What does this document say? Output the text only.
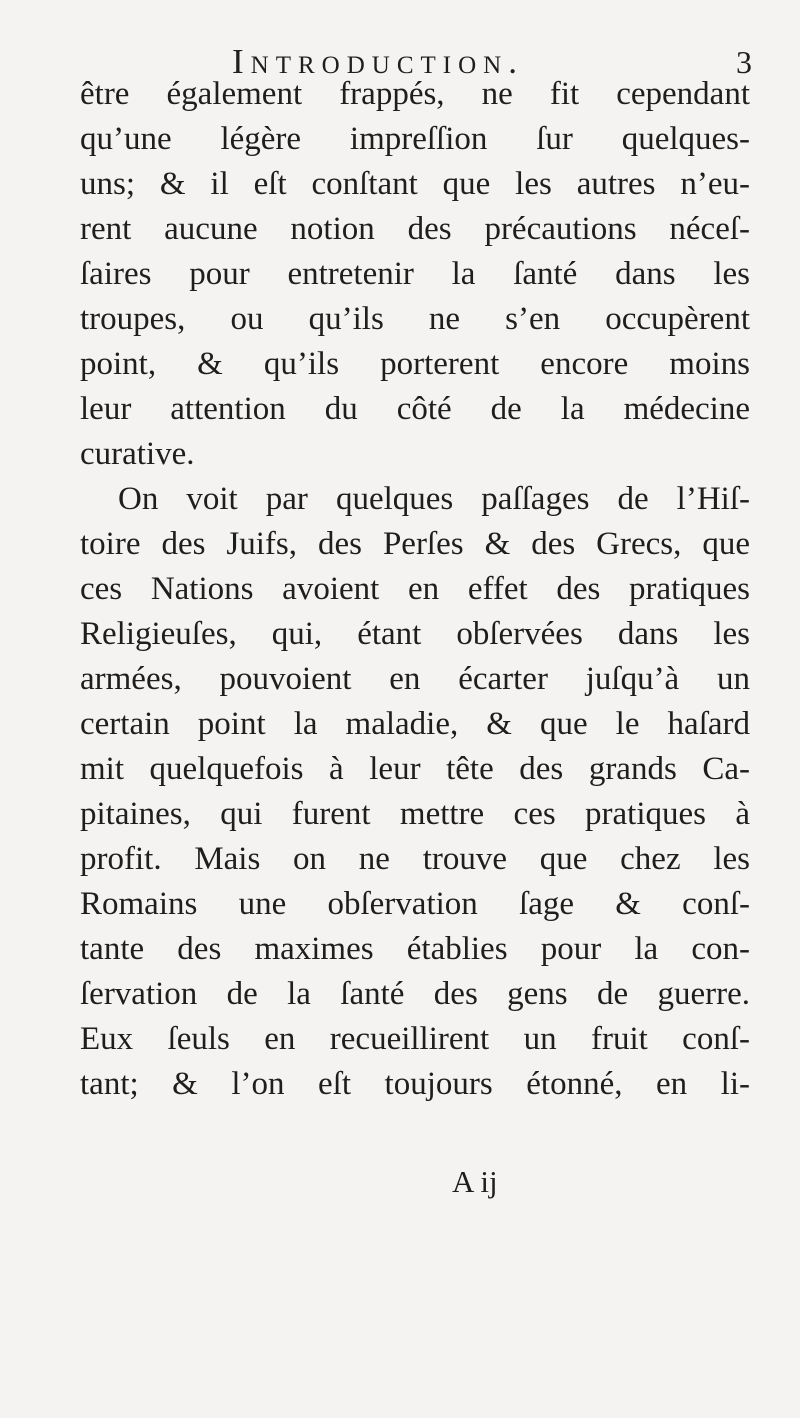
Introduction.	3
être également frappés, ne fit cependant
qu’une légère impreſſion ſur quelques-
uns; & il eſt conſtant que les autres n’eu-
rent aucune notion des précautions néceſ-
ſaires pour entretenir la ſanté dans les
troupes, ou qu’ils ne s’en occupèrent
point, & qu’ils porterent encore moins
leur attention du côté de la médecine
curative.
On voit par quelques paſſages de l’Hiſ-
toire des Juifs, des Perſes & des Grecs, que
ces Nations avoient en effet des pratiques
Religieuſes, qui, étant obſervées dans les
armées, pouvoient en écarter juſqu’à un
certain point la maladie, & que le haſard
mit quelquefois à leur tête des grands Ca-
pitaines, qui furent mettre ces pratiques à
profit. Mais on ne trouve que chez les
Romains une obſervation ſage & conſ-
tante des maximes établies pour la con-
ſervation de la ſanté des gens de guerre.
Eux ſeuls en recueillirent un fruit conſ-
tant; & l’on eſt toujours étonné, en li-
A ij
